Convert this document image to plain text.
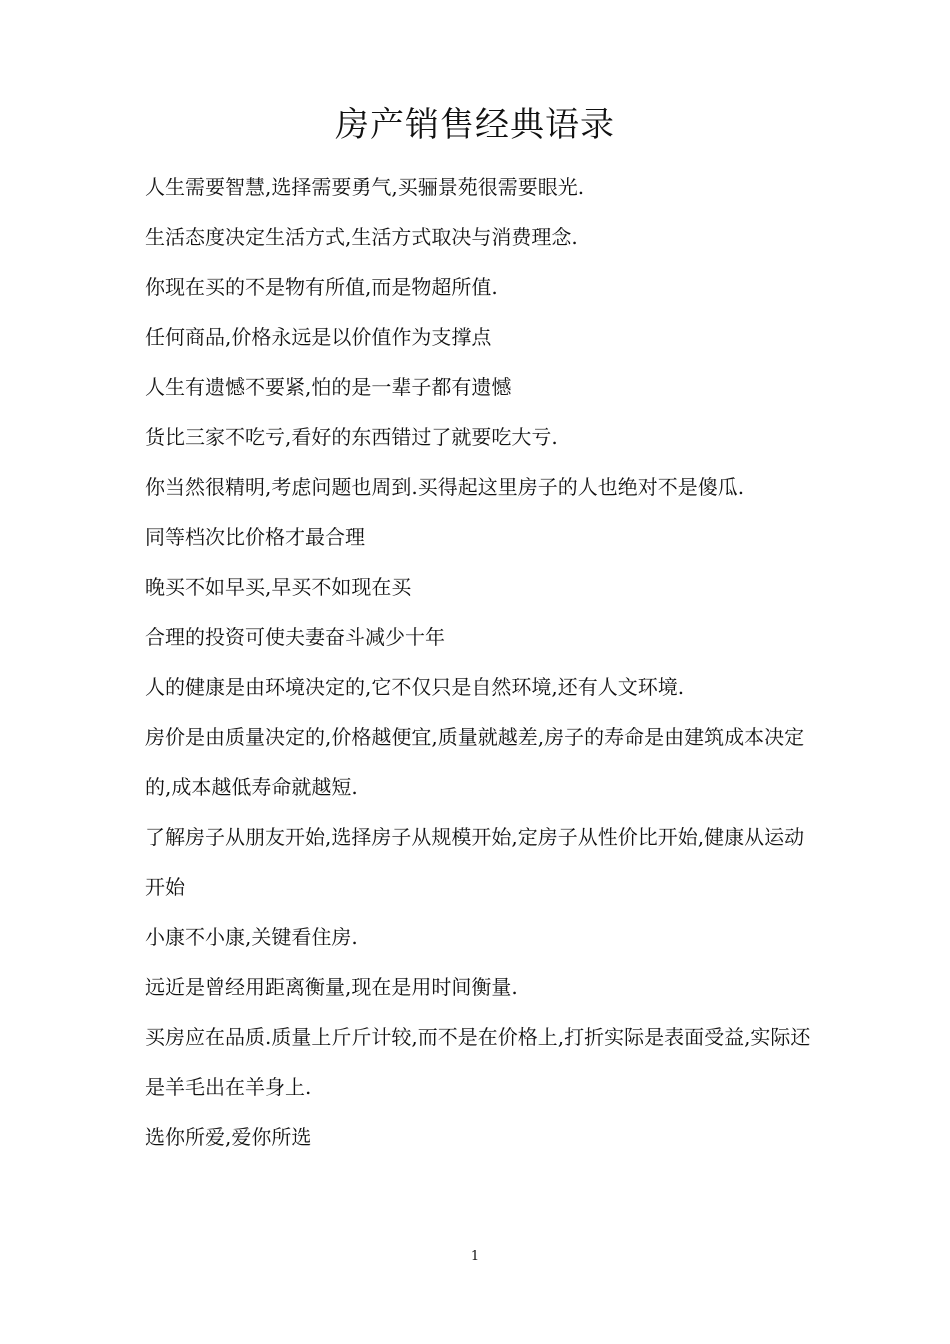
房产销售经典语录
人生需要智慧,选择需要勇气,买骊景苑很需要眼光.
生活态度决定生活方式,生活方式取决与消费理念.
你现在买的不是物有所值,而是物超所值.
任何商品,价格永远是以价值作为支撑点
人生有遗憾不要紧,怕的是一辈子都有遗憾
货比三家不吃亏,看好的东西错过了就要吃大亏.
你当然很精明,考虑问题也周到.买得起这里房子的人也绝对不是傻瓜.
同等档次比价格才最合理
晚买不如早买,早买不如现在买
合理的投资可使夫妻奋斗减少十年
人的健康是由环境决定的,它不仅只是自然环境,还有人文环境.
房价是由质量决定的,价格越便宜,质量就越差,房子的寿命是由建筑成本决定的,成本越低寿命就越短.
了解房子从朋友开始,选择房子从规模开始,定房子从性价比开始,健康从运动开始
小康不小康,关键看住房.
远近是曾经用距离衡量,现在是用时间衡量.
买房应在品质.质量上斤斤计较,而不是在价格上,打折实际是表面受益,实际还是羊毛出在羊身上.
选你所爱,爱你所选
1
